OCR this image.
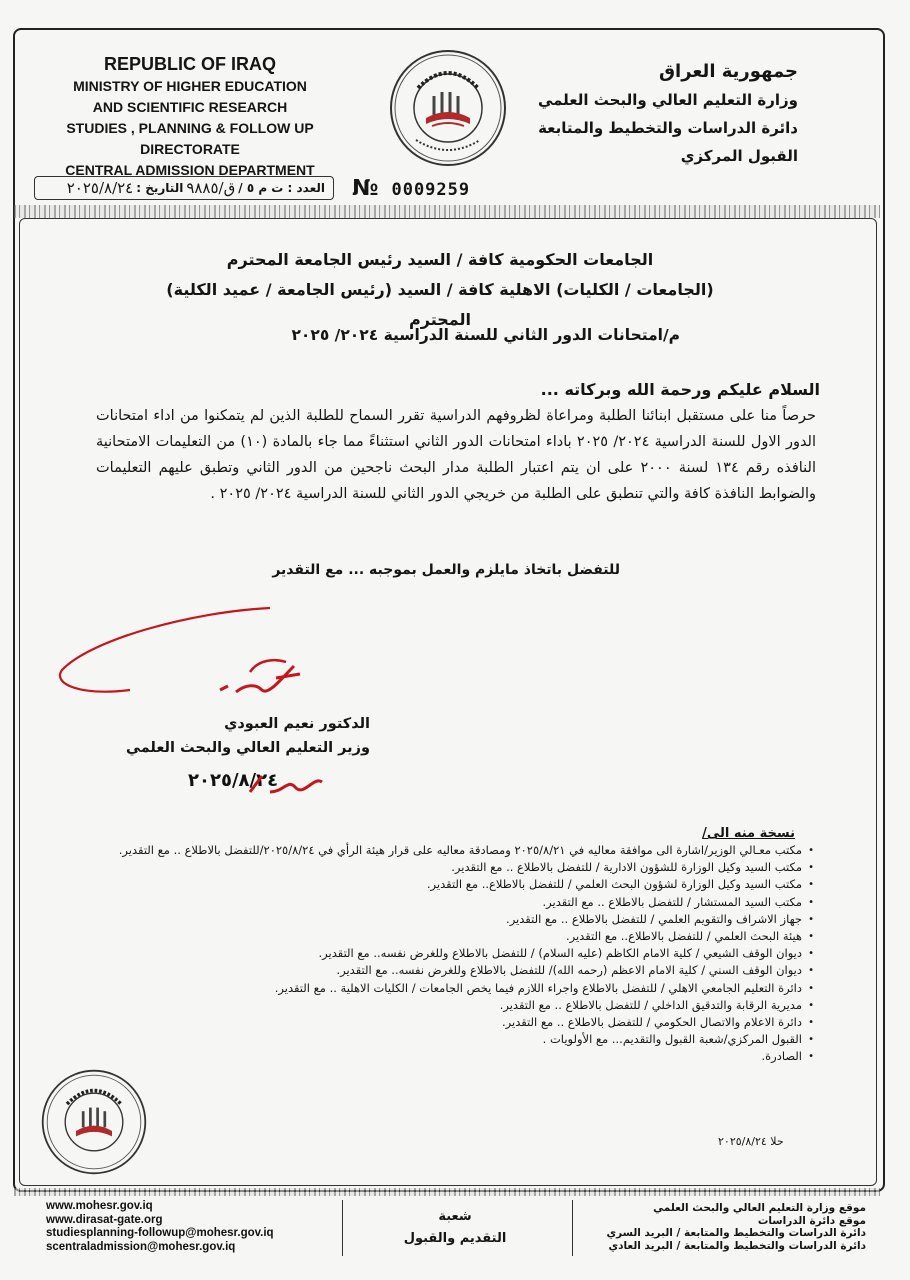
REPUBLIC OF IRAQ
MINISTRY OF HIGHER EDUCATION
AND SCIENTIFIC RESEARCH
STUDIES , PLANNING & FOLLOW UP DIRECTORATE
CENTRAL ADMISSION DEPARTMENT
جمهورية العراق
وزارة التعليم العالي والبحث العلمي
دائرة الدراسات والتخطيط والمتابعة
القبول المركزي
العدد : ت م ٥ /
ق/٩٨٨٥
التاريخ :
٢٠٢٥/٨/٢٤	№ 0009259
الجامعات الحكومية كافة / السيد رئيس الجامعة المحترم
(الجامعات / الكليات) الاهلية كافة / السيد (رئيس الجامعة / عميد الكلية) المحترم
م/امتحانات الدور الثاني للسنة الدراسية ٢٠٢٤/ ٢٠٢٥
السلام عليكم ورحمة الله وبركاته ...
حرصاً منا على مستقبل ابنائنا الطلبة ومراعاة لظروفهم الدراسية تقرر السماح للطلبة الذين لم يتمكنوا من اداء امتحانات الدور الاول للسنة الدراسية ٢٠٢٤/ ٢٠٢٥ باداء امتحانات الدور الثاني استثناءً مما جاء بالمادة (١٠) من التعليمات الامتحانية النافذه رقم ١٣٤ لسنة ٢٠٠٠ على ان يتم اعتبار الطلبة مدار البحث ناجحين من الدور الثاني وتطبق عليهم التعليمات والضوابط النافذة كافة والتي تنطبق على الطلبة من خريجي الدور الثاني للسنة الدراسية ٢٠٢٤/ ٢٠٢٥ .
للتفضل باتخاذ مايلزم والعمل بموجبه ... مع التقدير
الدكتور نعيم العبودي
وزير التعليم العالي والبحث العلمي
٢٠٢٥/٨/٢٤
نسخة منه الى/
• مكتب معـالي الوزير/اشارة الى موافقة معاليه في ٢٠٢٥/٨/٢١ ومصادقة معاليه على قرار هيئة الرأي في ٢٠٢٥/٨/٢٤/للتفضل بالاطلاع .. مع التقدير.
• مكتب السيد وكيل الوزارة للشؤون الادارية / للتفضل بالاطلاع .. مع التقدير.
• مكتب السيد وكيل الوزارة لشؤون البحث العلمي / للتفضل بالاطلاع.. مع التقدير.
• مكتب السيد المستشار / للتفضل بالاطلاع .. مع التقدير.
• جهاز الاشراف والتقويم العلمي / للتفضل بالاطلاع .. مع التقدير.
• هيئة البحث العلمي / للتفضل بالاطلاع.. مع التقدير.
• ديوان الوقف الشيعي / كلية الامام الكاظم (عليه السلام) / للتفضل بالاطلاع وللغرض نفسه.. مع التقدير.
• ديوان الوقف السني / كلية الامام الاعظم (رحمه الله)/ للتفضل بالاطلاع وللغرض نفسه.. مع التقدير.
• دائرة التعليم الجامعي الاهلي / للتفضل بالاطلاع واجراء اللازم فيما يخص الجامعات / الكليات الاهلية .. مع التقدير.
• مديرية الرقابة والتدقيق الداخلي / للتفضل بالاطلاع .. مع التقدير.
• دائرة الاعلام والاتصال الحكومي / للتفضل بالاطلاع .. مع التقدير.
• القبول المركزي/شعبة القبول والتقديم... مع الأولويات .
• الصادرة.
حلا ٢٠٢٥/٨/٢٤
www.mohesr.gov.iq
www.dirasat-gate.org
studiesplanning-followup@mohesr.gov.iq
scentraladmission@mohesr.gov.iq
شعبة
التقديم والقبول
موقع وزارة التعليم العالي والبحث العلمي
موقع دائرة الدراسات
دائرة الدراسات والتخطيط والمتابعة / البريد السري
دائرة الدراسات والتخطيط والمتابعة / البريد العادي
